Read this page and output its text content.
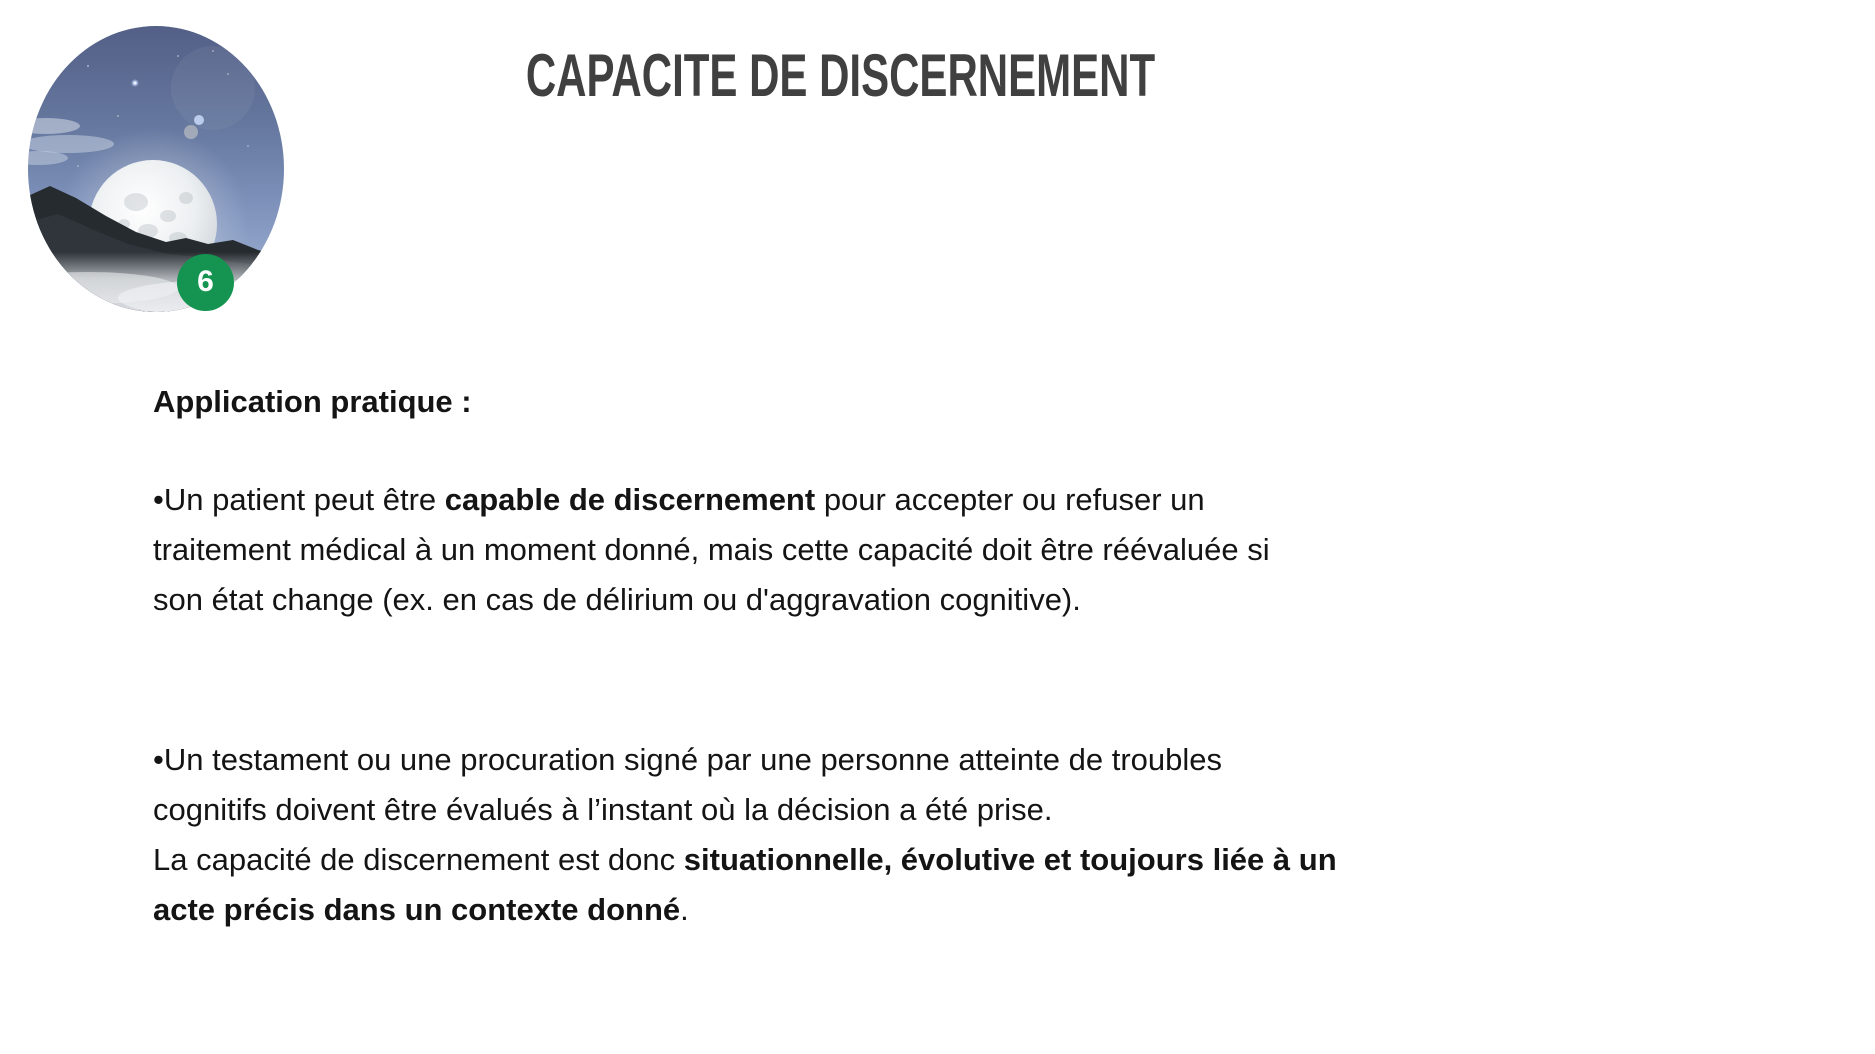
6
CAPACITE DE DISCERNEMENT
Application pratique :
•Un patient peut être capable de discernement pour accepter ou refuser un
traitement médical à un moment donné, mais cette capacité doit être réévaluée si
son état change (ex. en cas de délirium ou d'aggravation cognitive).
•Un testament ou une procuration signé par une personne atteinte de troubles
cognitifs doivent être évalués à l’instant où la décision a été prise.
La capacité de discernement est donc situationnelle, évolutive et toujours liée à un
acte précis dans un contexte donné.
